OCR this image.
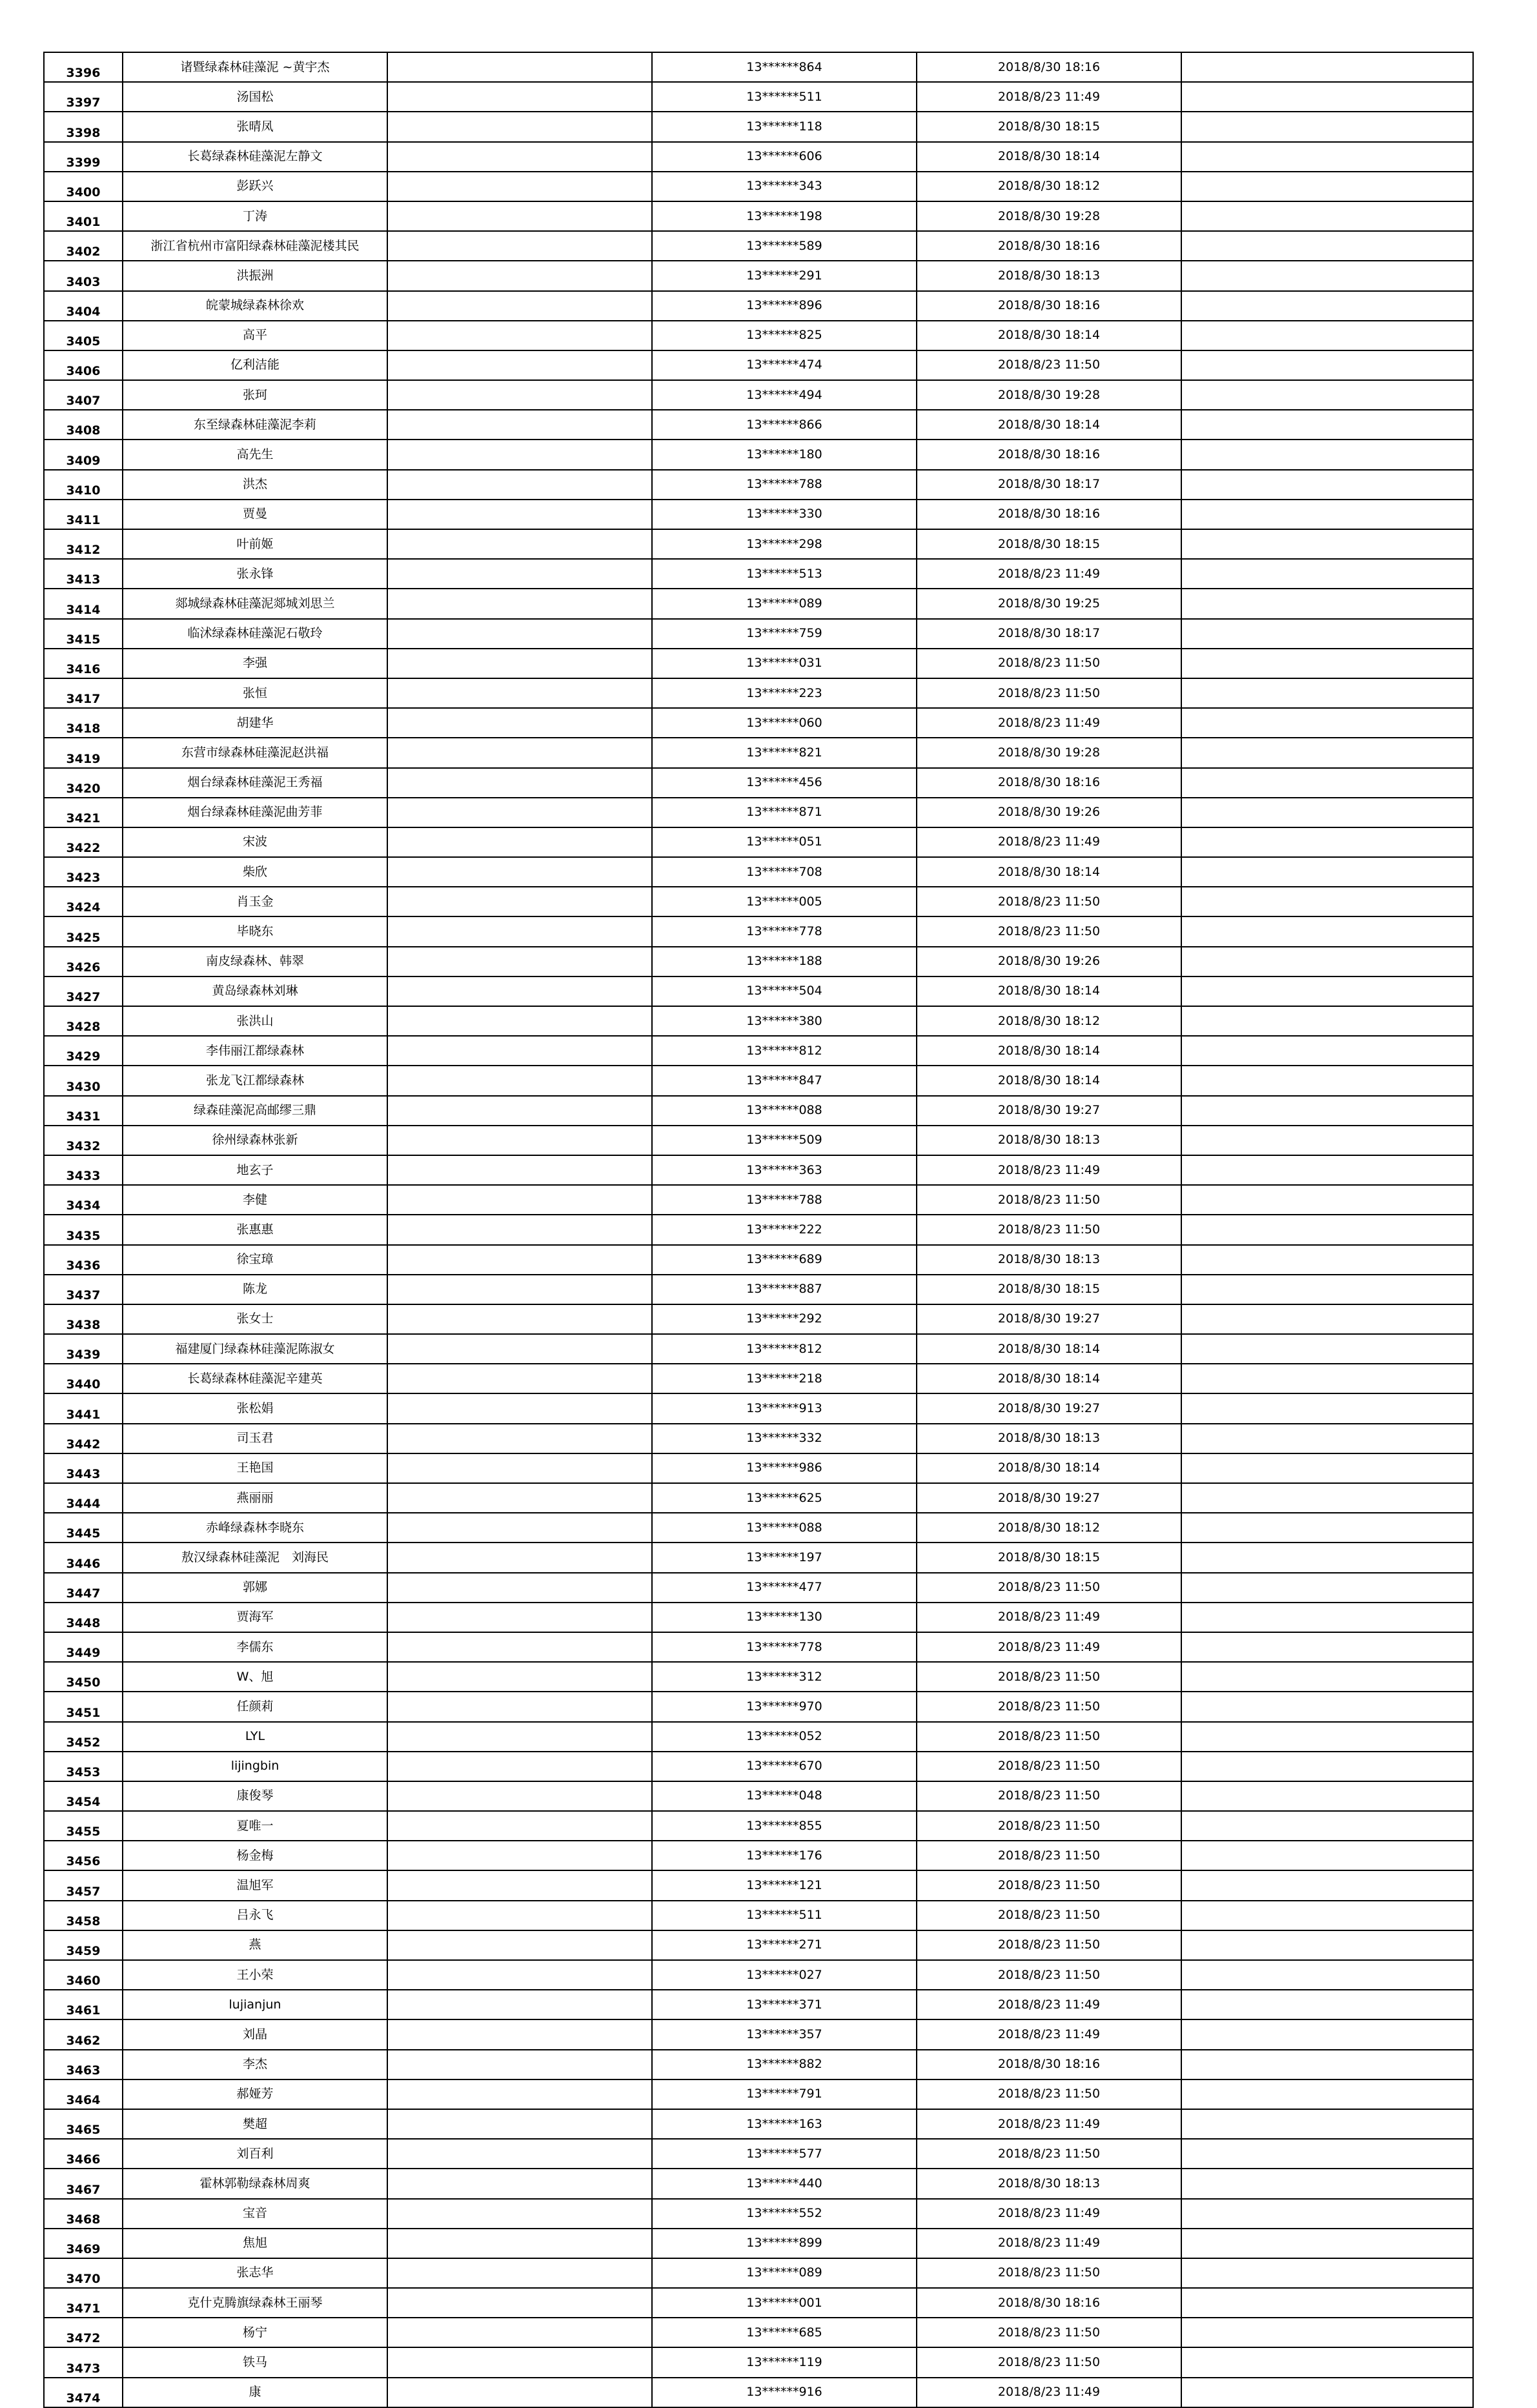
3396	诸暨绿森林硅藻泥 ~黄宇杰		13******864	2018/8/30 18:16	
3397	汤国松		13******511	2018/8/23 11:49	
3398	张晴凤		13******118	2018/8/30 18:15	
3399	长葛绿森林硅藻泥左静文		13******606	2018/8/30 18:14	
3400	彭跃兴		13******343	2018/8/30 18:12	
3401	丁涛		13******198	2018/8/30 19:28	
3402	浙江省杭州市富阳绿森林硅藻泥楼其民		13******589	2018/8/30 18:16	
3403	洪振洲		13******291	2018/8/30 18:13	
3404	皖蒙城绿森林徐欢		13******896	2018/8/30 18:16	
3405	高平		13******825	2018/8/30 18:14	
3406	亿利洁能		13******474	2018/8/23 11:50	
3407	张珂		13******494	2018/8/30 19:28	
3408	东至绿森林硅藻泥李莉		13******866	2018/8/30 18:14	
3409	高先生		13******180	2018/8/30 18:16	
3410	洪杰		13******788	2018/8/30 18:17	
3411	贾曼		13******330	2018/8/30 18:16	
3412	叶前姬		13******298	2018/8/30 18:15	
3413	张永锋		13******513	2018/8/23 11:49	
3414	郯城绿森林硅藻泥郯城刘思兰		13******089	2018/8/30 19:25	
3415	临沭绿森林硅藻泥石敬玲		13******759	2018/8/30 18:17	
3416	李强		13******031	2018/8/23 11:50	
3417	张恒		13******223	2018/8/23 11:50	
3418	胡建华		13******060	2018/8/23 11:49	
3419	东营市绿森林硅藻泥赵洪福		13******821	2018/8/30 19:28	
3420	烟台绿森林硅藻泥王秀福		13******456	2018/8/30 18:16	
3421	烟台绿森林硅藻泥曲芳菲		13******871	2018/8/30 19:26	
3422	宋波		13******051	2018/8/23 11:49	
3423	柴欣		13******708	2018/8/30 18:14	
3424	肖玉金		13******005	2018/8/23 11:50	
3425	毕晓东		13******778	2018/8/23 11:50	
3426	南皮绿森林、韩翠		13******188	2018/8/30 19:26	
3427	黄岛绿森林刘琳		13******504	2018/8/30 18:14	
3428	张洪山		13******380	2018/8/30 18:12	
3429	李伟丽江都绿森林		13******812	2018/8/30 18:14	
3430	张龙飞江都绿森林		13******847	2018/8/30 18:14	
3431	绿森硅藻泥高邮缪三鼎		13******088	2018/8/30 19:27	
3432	徐州绿森林张新		13******509	2018/8/30 18:13	
3433	地玄子		13******363	2018/8/23 11:49	
3434	李健		13******788	2018/8/23 11:50	
3435	张惠惠		13******222	2018/8/23 11:50	
3436	徐宝璋		13******689	2018/8/30 18:13	
3437	陈龙		13******887	2018/8/30 18:15	
3438	张女士		13******292	2018/8/30 19:27	
3439	福建厦门绿森林硅藻泥陈淑女		13******812	2018/8/30 18:14	
3440	长葛绿森林硅藻泥辛建英		13******218	2018/8/30 18:14	
3441	张松娟		13******913	2018/8/30 19:27	
3442	司玉君		13******332	2018/8/30 18:13	
3443	王艳国		13******986	2018/8/30 18:14	
3444	燕丽丽		13******625	2018/8/30 19:27	
3445	赤峰绿森林李晓东		13******088	2018/8/30 18:12	
3446	敖汉绿森林硅藻泥　刘海民		13******197	2018/8/30 18:15	
3447	郭娜		13******477	2018/8/23 11:50	
3448	贾海军		13******130	2018/8/23 11:49	
3449	李儒东		13******778	2018/8/23 11:49	
3450	W、旭		13******312	2018/8/23 11:50	
3451	任颜莉		13******970	2018/8/23 11:50	
3452	LYL		13******052	2018/8/23 11:50	
3453	lijingbin		13******670	2018/8/23 11:50	
3454	康俊琴		13******048	2018/8/23 11:50	
3455	夏唯一		13******855	2018/8/23 11:50	
3456	杨金梅		13******176	2018/8/23 11:50	
3457	温旭军		13******121	2018/8/23 11:50	
3458	吕永飞		13******511	2018/8/23 11:50	
3459	燕		13******271	2018/8/23 11:50	
3460	王小荣		13******027	2018/8/23 11:50	
3461	lujianjun		13******371	2018/8/23 11:49	
3462	刘晶		13******357	2018/8/23 11:49	
3463	李杰		13******882	2018/8/30 18:16	
3464	郝娅芳		13******791	2018/8/23 11:50	
3465	樊超		13******163	2018/8/23 11:49	
3466	刘百利		13******577	2018/8/23 11:50	
3467	霍林郭勒绿森林周爽		13******440	2018/8/30 18:13	
3468	宝音		13******552	2018/8/23 11:49	
3469	焦旭		13******899	2018/8/23 11:49	
3470	张志华		13******089	2018/8/23 11:50	
3471	克什克腾旗绿森林王丽琴		13******001	2018/8/30 18:16	
3472	杨宁		13******685	2018/8/23 11:50	
3473	铁马		13******119	2018/8/23 11:50	
3474	康		13******916	2018/8/23 11:49	
